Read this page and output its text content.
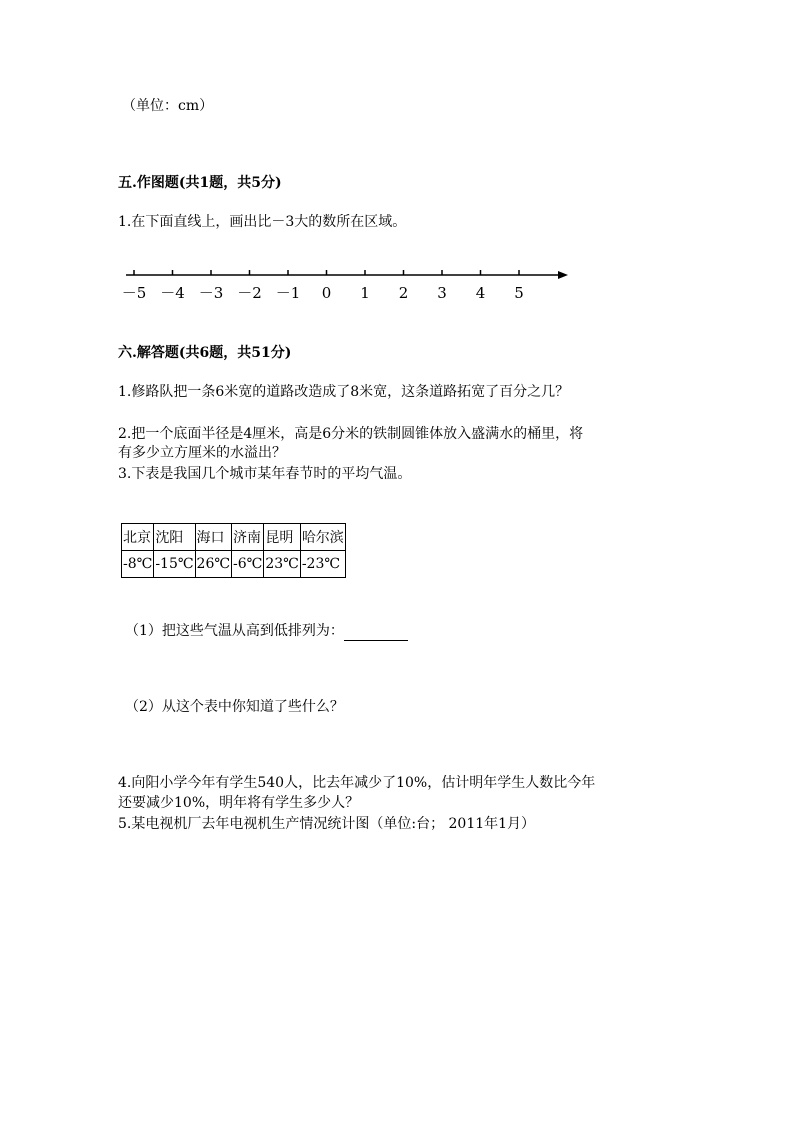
（单位：cm）
五.作图题(共1题，共5分)
1.在下面直线上，画出比－3大的数所在区域。
－5 －4 －3 －2 －1 0 1 2 3 4 5
六.解答题(共6题，共51分)
1.修路队把一条6米宽的道路改造成了8米宽，这条道路拓宽了百分之几？
2.把一个底面半径是4厘米，高是6分米的铁制圆锥体放入盛满水的桶里，将
有多少立方厘米的水溢出？
3.下表是我国几个城市某年春节时的平均气温。
北京	沈阳	海口	济南	昆明	哈尔滨
-8℃	-15℃	26℃	-6℃	23℃	-23℃
（1）把这些气温从高到低排列为：
（2）从这个表中你知道了些什么？
4.向阳小学今年有学生540人，比去年减少了10%，估计明年学生人数比今年
还要减少10%，明年将有学生多少人？
5.某电视机厂去年电视机生产情况统计图（单位:台； 2011年1月）
